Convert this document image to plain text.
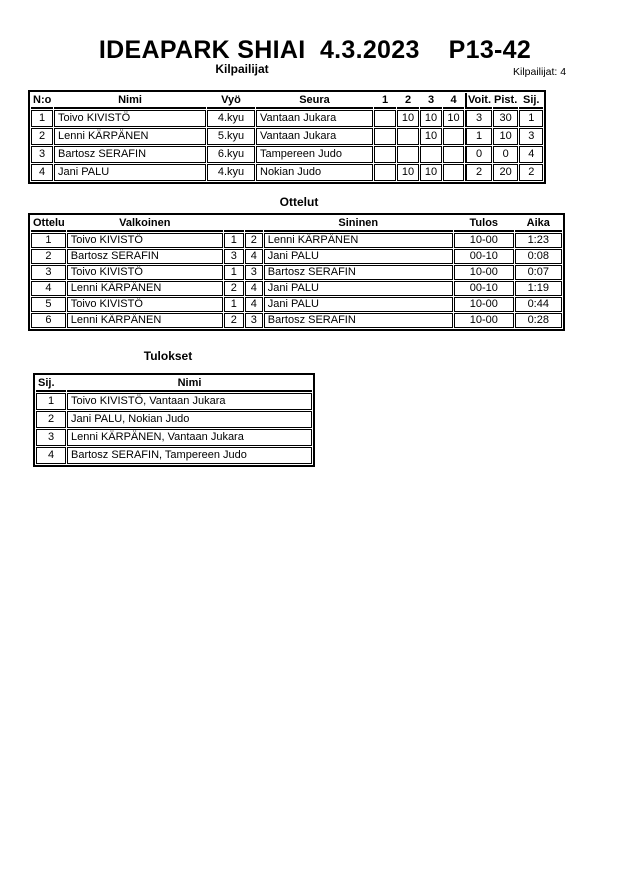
IDEAPARK SHIAI  4.3.2023    P13-42
Kilpailijat	Kilpailijat: 4
N:o	Nimi	Vyö	Seura	1	2	3	4	Voit.	Pist.	Sij.
1	Toivo KIVISTÖ	4.kyu	Vantaan Jukara		10	10	10	3	30	1
2	Lenni KÄRPÄNEN	5.kyu	Vantaan Jukara			10		1	10	3
3	Bartosz SERAFIN	6.kyu	Tampereen Judo					0	0	4
4	Jani PALU	4.kyu	Nokian Judo		10	10		2	20	2
Ottelut
Ottelu	Valkoinen			Sininen	Tulos	Aika
1	Toivo KIVISTÖ	1	2	Lenni KÄRPÄNEN	10-00	1:23
2	Bartosz SERAFIN	3	4	Jani PALU	00-10	0:08
3	Toivo KIVISTÖ	1	3	Bartosz SERAFIN	10-00	0:07
4	Lenni KÄRPÄNEN	2	4	Jani PALU	00-10	1:19
5	Toivo KIVISTÖ	1	4	Jani PALU	10-00	0:44
6	Lenni KÄRPÄNEN	2	3	Bartosz SERAFIN	10-00	0:28
Tulokset
Sij.	Nimi
1	Toivo KIVISTÖ, Vantaan Jukara
2	Jani PALU, Nokian Judo
3	Lenni KÄRPÄNEN, Vantaan Jukara
4	Bartosz SERAFIN, Tampereen Judo
